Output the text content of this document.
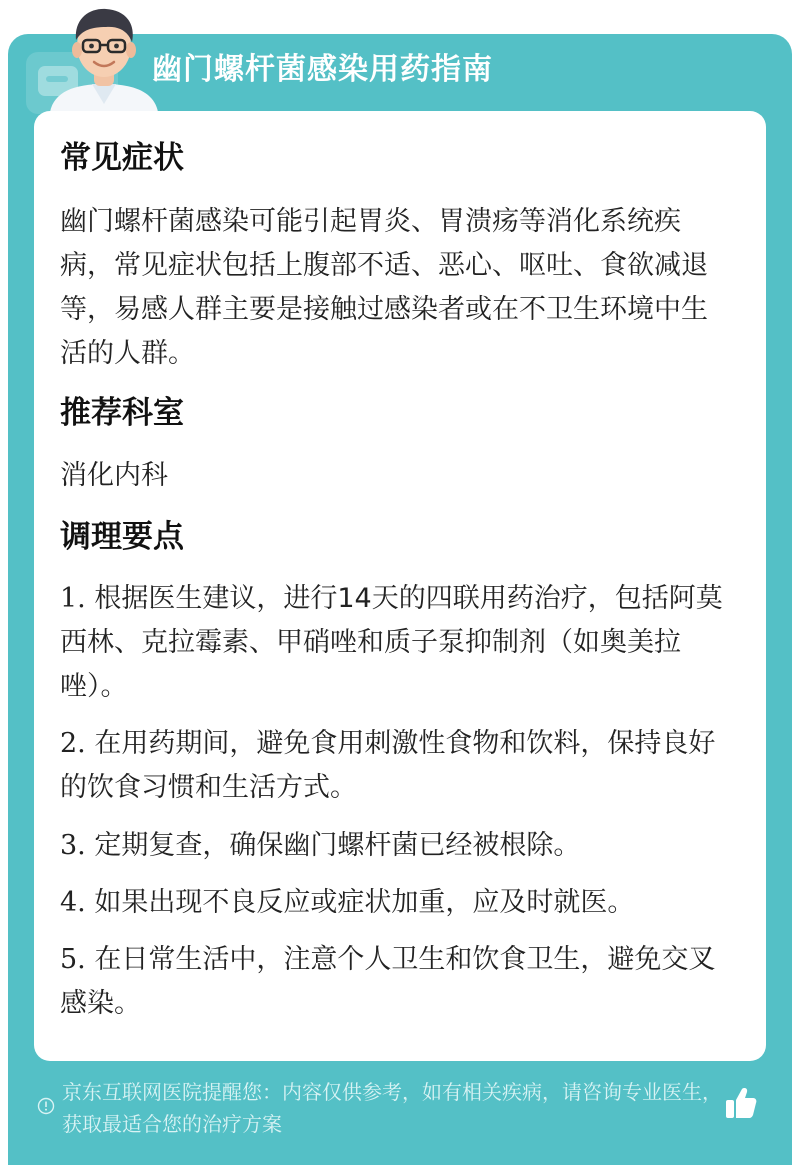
幽门螺杆菌感染用药指南
常见症状

幽门螺杆菌感染可能引起胃炎、胃溃疡等消化系统疾病，常见症状包括上腹部不适、恶心、呕吐、食欲减退等，易感人群主要是接触过感染者或在不卫生环境中生活的人群。

推荐科室

消化内科

调理要点

1. 根据医生建议，进行14天的四联用药治疗，包括阿莫西林、克拉霉素、甲硝唑和质子泵抑制剂（如奥美拉唑）。

2. 在用药期间，避免食用刺激性食物和饮料，保持良好的饮食习惯和生活方式。

3. 定期复查，确保幽门螺杆菌已经被根除。

4. 如果出现不良反应或症状加重，应及时就医。

5. 在日常生活中，注意个人卫生和饮食卫生，避免交叉感染。

京东互联网医院提醒您：内容仅供参考，如有相关疾病，请咨询专业医生，获取最适合您的治疗方案
